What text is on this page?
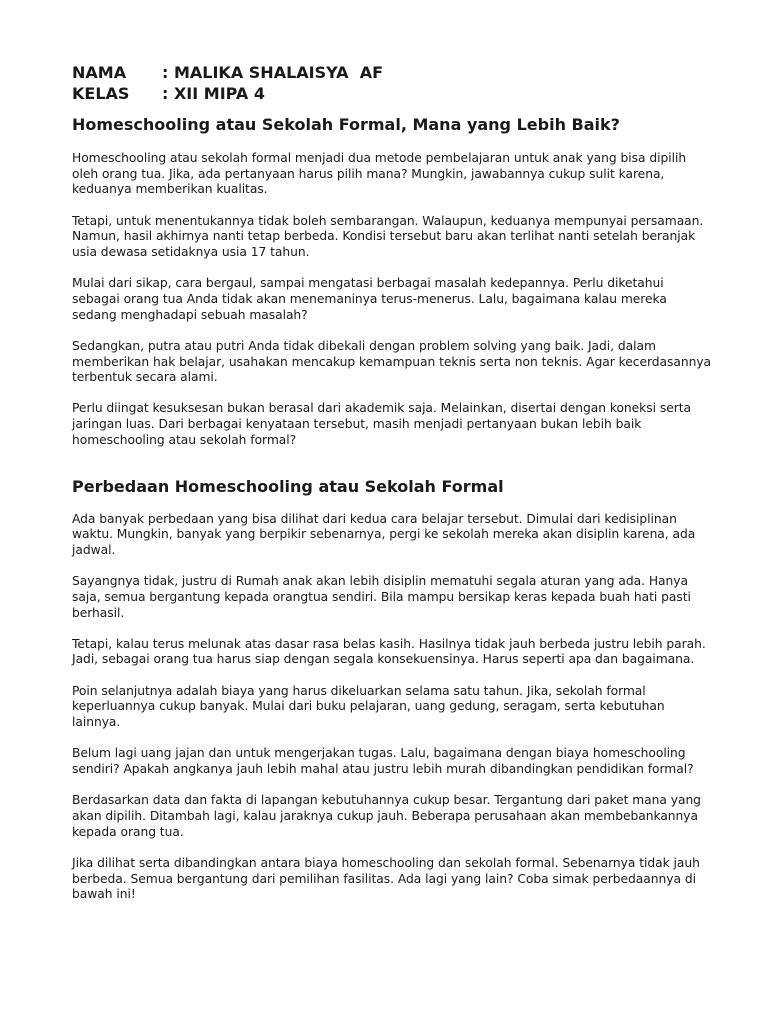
NAMA	: MALIKA SHALAISYA  AF
KELAS	: XII MIPA 4
Homeschooling atau Sekolah Formal, Mana yang Lebih Baik?

Homeschooling atau sekolah formal menjadi dua metode pembelajaran untuk anak yang bisa dipilih oleh orang tua. Jika, ada pertanyaan harus pilih mana? Mungkin, jawabannya cukup sulit karena, keduanya memberikan kualitas.

Tetapi, untuk menentukannya tidak boleh sembarangan. Walaupun, keduanya mempunyai persamaan. Namun, hasil akhirnya nanti tetap berbeda. Kondisi tersebut baru akan terlihat nanti setelah beranjak usia dewasa setidaknya usia 17 tahun.

Mulai dari sikap, cara bergaul, sampai mengatasi berbagai masalah kedepannya. Perlu diketahui sebagai orang tua Anda tidak akan menemaninya terus-menerus. Lalu, bagaimana kalau mereka sedang menghadapi sebuah masalah?

Sedangkan, putra atau putri Anda tidak dibekali dengan problem solving yang baik. Jadi, dalam memberikan hak belajar, usahakan mencakup kemampuan teknis serta non teknis. Agar kecerdasannya terbentuk secara alami.

Perlu diingat kesuksesan bukan berasal dari akademik saja. Melainkan, disertai dengan koneksi serta jaringan luas. Dari berbagai kenyataan tersebut, masih menjadi pertanyaan bukan lebih baik homeschooling atau sekolah formal?

Perbedaan Homeschooling atau Sekolah Formal

Ada banyak perbedaan yang bisa dilihat dari kedua cara belajar tersebut. Dimulai dari kedisiplinan waktu. Mungkin, banyak yang berpikir sebenarnya, pergi ke sekolah mereka akan disiplin karena, ada jadwal.

Sayangnya tidak, justru di Rumah anak akan lebih disiplin mematuhi segala aturan yang ada. Hanya saja, semua bergantung kepada orangtua sendiri. Bila mampu bersikap keras kepada buah hati pasti berhasil.

Tetapi, kalau terus melunak atas dasar rasa belas kasih. Hasilnya tidak jauh berbeda justru lebih parah. Jadi, sebagai orang tua harus siap dengan segala konsekuensinya. Harus seperti apa dan bagaimana.

Poin selanjutnya adalah biaya yang harus dikeluarkan selama satu tahun. Jika, sekolah formal keperluannya cukup banyak. Mulai dari buku pelajaran, uang gedung, seragam, serta kebutuhan lainnya.

Belum lagi uang jajan dan untuk mengerjakan tugas. Lalu, bagaimana dengan biaya homeschooling sendiri? Apakah angkanya jauh lebih mahal atau justru lebih murah dibandingkan pendidikan formal?

Berdasarkan data dan fakta di lapangan kebutuhannya cukup besar. Tergantung dari paket mana yang akan dipilih. Ditambah lagi, kalau jaraknya cukup jauh. Beberapa perusahaan akan membebankannya kepada orang tua.

Jika dilihat serta dibandingkan antara biaya homeschooling dan sekolah formal. Sebenarnya tidak jauh berbeda. Semua bergantung dari pemilihan fasilitas. Ada lagi yang lain? Coba simak perbedaannya di bawah ini!
